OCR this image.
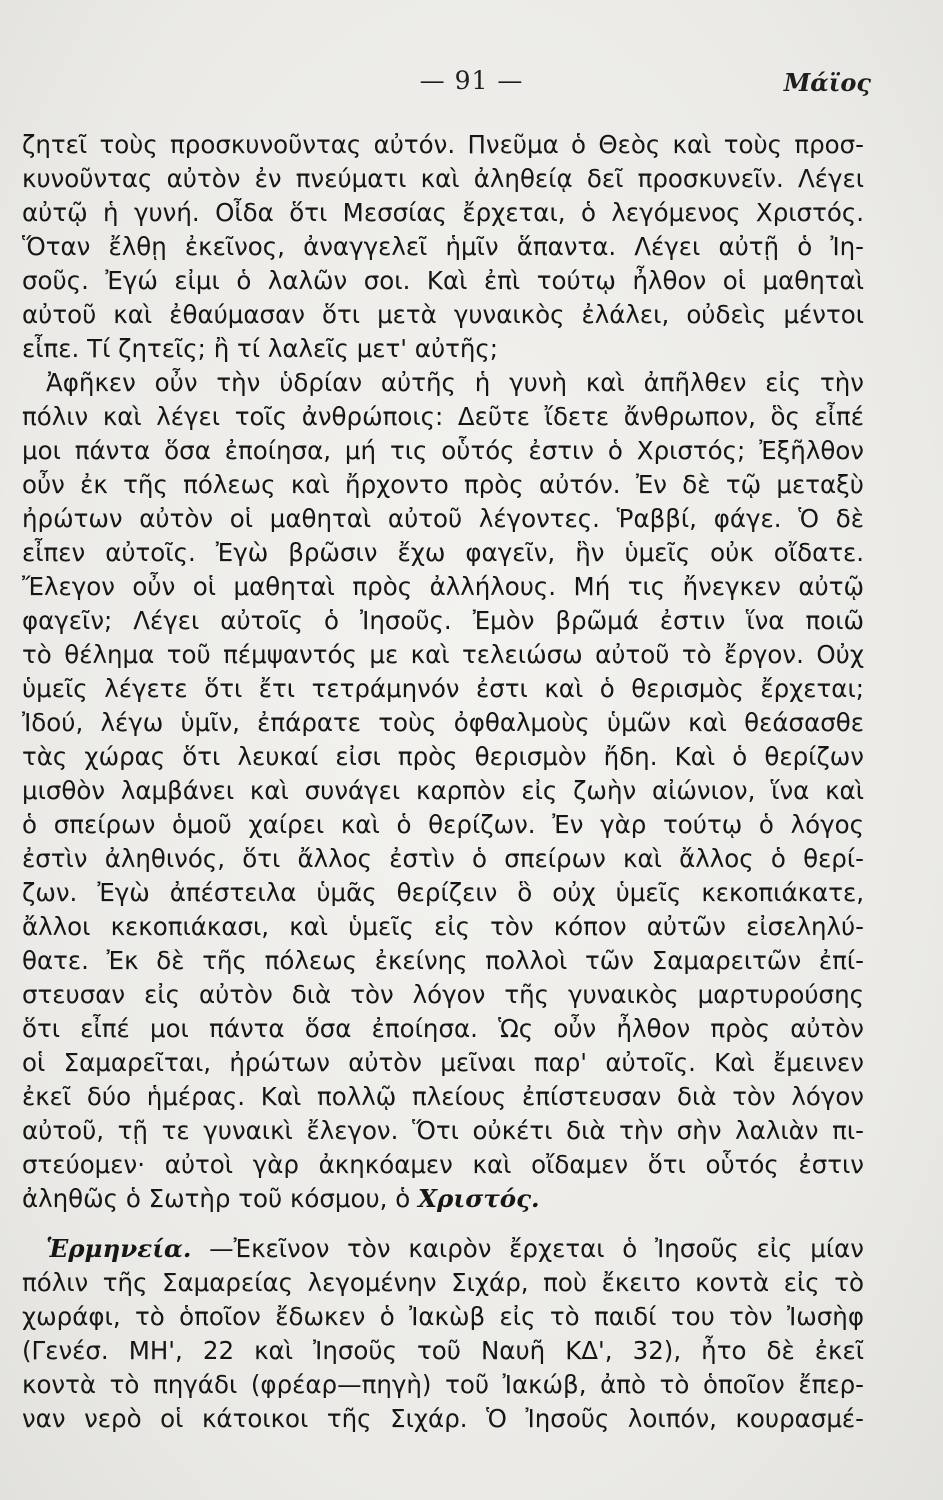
— 91 —	Μάϊος
ζητεῖ τοὺς προσκυνοῦντας αὐτόν. Πνεῦμα ὁ Θεὸς καὶ τοὺς προσ-
κυνοῦντας αὐτὸν ἐν πνεύματι καὶ ἀληθείᾳ δεῖ προσκυνεῖν. Λέγει
αὐτῷ ἡ γυνή. Οἶδα ὅτι Μεσσίας ἔρχεται, ὁ λεγόμενος Χριστός.
Ὅταν ἔλθῃ ἐκεῖνος, ἀναγγελεῖ ἡμῖν ἅπαντα. Λέγει αὐτῇ ὁ Ἰη-
σοῦς. Ἐγώ εἰμι ὁ λαλῶν σοι. Καὶ ἐπὶ τούτῳ ἦλθον οἱ μαθηταὶ
αὐτοῦ καὶ ἐθαύμασαν ὅτι μετὰ γυναικὸς ἐλάλει, οὐδεὶς μέντοι
εἶπε. Τί ζητεῖς; ἢ τί λαλεῖς μετ' αὐτῆς;
Ἀφῆκεν οὖν τὴν ὑδρίαν αὐτῆς ἡ γυνὴ καὶ ἀπῆλθεν εἰς τὴν
πόλιν καὶ λέγει τοῖς ἀνθρώποις: Δεῦτε ἴδετε ἄνθρωπον, ὃς εἶπέ
μοι πάντα ὅσα ἐποίησα, μή τις οὗτός ἐστιν ὁ Χριστός; Ἐξῆλθον
οὖν ἐκ τῆς πόλεως καὶ ἤρχοντο πρὸς αὐτόν. Ἐν δὲ τῷ μεταξὺ
ἠρώτων αὐτὸν οἱ μαθηταὶ αὐτοῦ λέγοντες. Ῥαββί, φάγε. Ὁ δὲ
εἶπεν αὐτοῖς. Ἐγὼ βρῶσιν ἔχω φαγεῖν, ἣν ὑμεῖς οὐκ οἴδατε.
Ἔλεγον οὖν οἱ μαθηταὶ πρὸς ἀλλήλους. Μή τις ἤνεγκεν αὐτῷ
φαγεῖν; Λέγει αὐτοῖς ὁ Ἰησοῦς. Ἐμὸν βρῶμά ἐστιν ἵνα ποιῶ
τὸ θέλημα τοῦ πέμψαντός με καὶ τελειώσω αὐτοῦ τὸ ἔργον. Οὐχ
ὑμεῖς λέγετε ὅτι ἔτι τετράμηνόν ἐστι καὶ ὁ θερισμὸς ἔρχεται;
Ἰδού, λέγω ὑμῖν, ἐπάρατε τοὺς ὀφθαλμοὺς ὑμῶν καὶ θεάσασθε
τὰς χώρας ὅτι λευκαί εἰσι πρὸς θερισμὸν ἤδη. Καὶ ὁ θερίζων
μισθὸν λαμβάνει καὶ συνάγει καρπὸν εἰς ζωὴν αἰώνιον, ἵνα καὶ
ὁ σπείρων ὁμοῦ χαίρει καὶ ὁ θερίζων. Ἐν γὰρ τούτῳ ὁ λόγος
ἐστὶν ἀληθινός, ὅτι ἄλλος ἐστὶν ὁ σπείρων καὶ ἄλλος ὁ θερί-
ζων. Ἐγὼ ἀπέστειλα ὑμᾶς θερίζειν ὃ οὐχ ὑμεῖς κεκοπιάκατε,
ἄλλοι κεκοπιάκασι, καὶ ὑμεῖς εἰς τὸν κόπον αὐτῶν εἰσεληλύ-
θατε. Ἐκ δὲ τῆς πόλεως ἐκείνης πολλοὶ τῶν Σαμαρειτῶν ἐπί-
στευσαν εἰς αὐτὸν διὰ τὸν λόγον τῆς γυναικὸς μαρτυρούσης
ὅτι εἶπέ μοι πάντα ὅσα ἐποίησα. Ὡς οὖν ἦλθον πρὸς αὐτὸν
οἱ Σαμαρεῖται, ἠρώτων αὐτὸν μεῖναι παρ' αὐτοῖς. Καὶ ἔμεινεν
ἐκεῖ δύο ἡμέρας. Καὶ πολλῷ πλείους ἐπίστευσαν διὰ τὸν λόγον
αὐτοῦ, τῇ τε γυναικὶ ἔλεγον. Ὅτι οὐκέτι διὰ τὴν σὴν λαλιὰν πι-
στεύομεν· αὐτοὶ γὰρ ἀκηκόαμεν καὶ οἴδαμεν ὅτι οὗτός ἐστιν
ἀληθῶς ὁ Σωτὴρ τοῦ κόσμου, ὁ Χριστός.
Ἑρμηνεία. —Ἐκεῖνον τὸν καιρὸν ἔρχεται ὁ Ἰησοῦς εἰς μίαν
πόλιν τῆς Σαμαρείας λεγομένην Σιχάρ, ποὺ ἔκειτο κοντὰ εἰς τὸ
χωράφι, τὸ ὁποῖον ἔδωκεν ὁ Ἰακὼβ εἰς τὸ παιδί του τὸν Ἰωσὴφ
(Γενέσ. ΜΗ', 22 καὶ Ἰησοῦς τοῦ Ναυῆ ΚΔ', 32), ἦτο δὲ ἐκεῖ
κοντὰ τὸ πηγάδι (φρέαρ—πηγὴ) τοῦ Ἰακώβ, ἀπὸ τὸ ὁποῖον ἔπερ-
ναν νερὸ οἱ κάτοικοι τῆς Σιχάρ. Ὁ Ἰησοῦς λοιπόν, κουρασμέ-
